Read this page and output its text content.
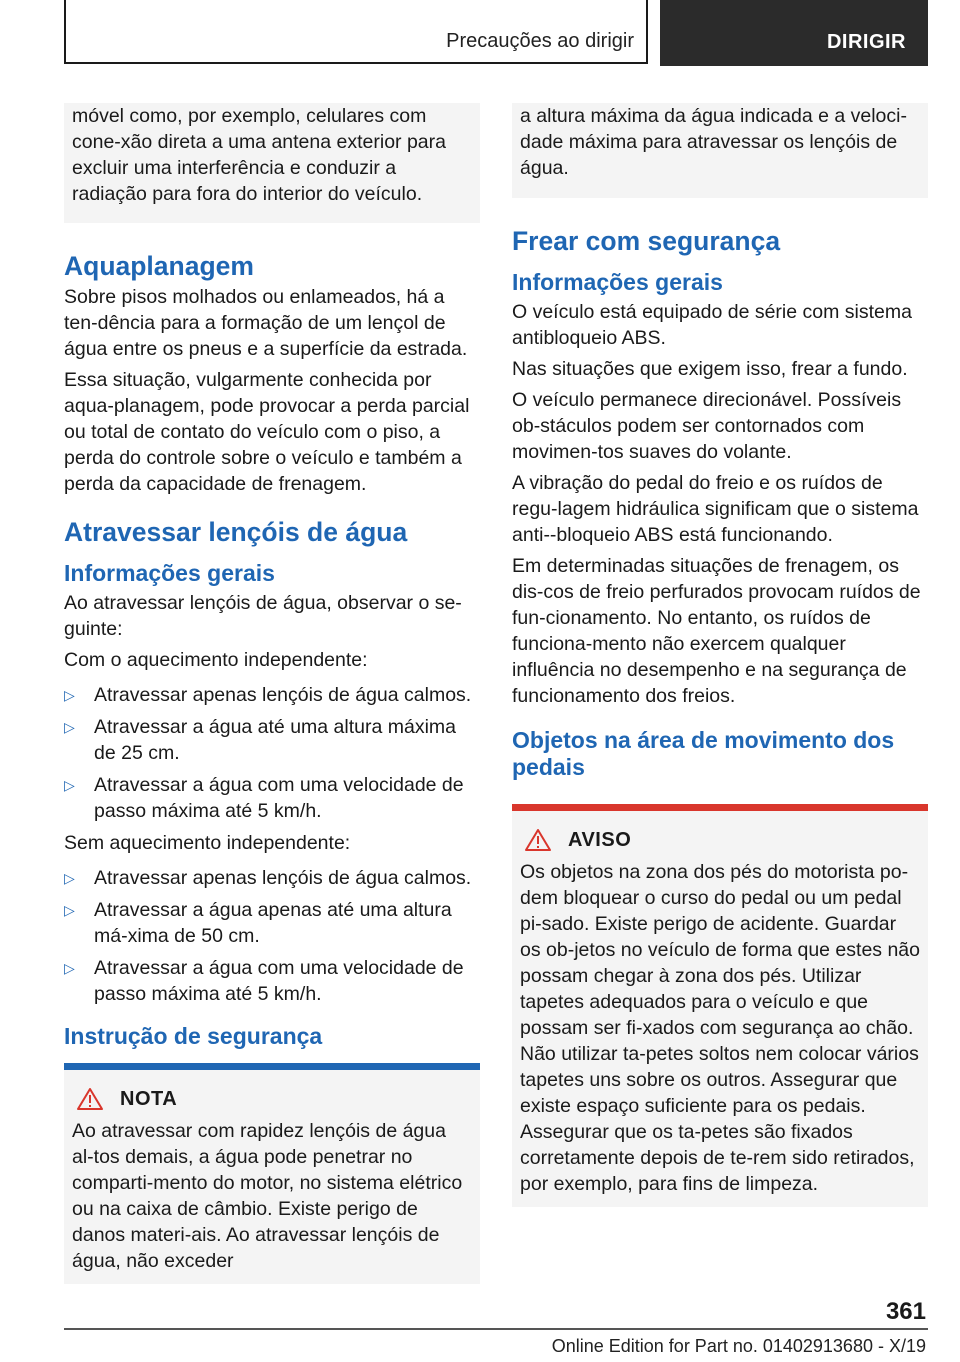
Precauções ao dirigir	DIRIGIR

móvel como, por exemplo, celulares com cone-xão direta a uma antena exterior para excluir uma interferência e conduzir a radiação para fora do interior do veículo.

Aquaplanagem

Sobre pisos molhados ou enlameados, há a ten-dência para a formação de um lençol de água entre os pneus e a superfície da estrada.

Essa situação, vulgarmente conhecida por aqua-planagem, pode provocar a perda parcial ou total de contato do veículo com o piso, a perda do controle sobre o veículo e também a perda da capacidade de frenagem.

Atravessar lençóis de água
Informações gerais

Ao atravessar lençóis de água, observar o se-guinte:

Com o aquecimento independente:

▷ Atravessar apenas lençóis de água calmos.
▷ Atravessar a água até uma altura máxima de 25 cm.
▷ Atravessar a água com uma velocidade de passo máxima até 5 km/h.

Sem aquecimento independente:

▷ Atravessar apenas lençóis de água calmos.
▷ Atravessar a água apenas até uma altura má-xima de 50 cm.
▷ Atravessar a água com uma velocidade de passo máxima até 5 km/h.
Instrução de segurança
NOTA

Ao atravessar com rapidez lençóis de água al-tos demais, a água pode penetrar no comparti-mento do motor, no sistema elétrico ou na caixa de câmbio. Existe perigo de danos materi-ais. Ao atravessar lençóis de água, não exceder

a altura máxima da água indicada e a veloci-dade máxima para atravessar os lençóis de água.

Frear com segurança
Informações gerais

O veículo está equipado de série com sistema antibloqueio ABS.

Nas situações que exigem isso, frear a fundo.

O veículo permanece direcionável. Possíveis ob-stáculos podem ser contornados com movimen-tos suaves do volante.

A vibração do pedal do freio e os ruídos de regu-lagem hidráulica significam que o sistema anti--bloqueio ABS está funcionando.

Em determinadas situações de frenagem, os dis-cos de freio perfurados provocam ruídos de fun-cionamento. No entanto, os ruídos de funciona-mento não exercem qualquer influência no desempenho e na segurança de funcionamento dos freios.

Objetos na área de movimento dos pedais
AVISO

Os objetos na zona dos pés do motorista po-dem bloquear o curso do pedal ou um pedal pi-sado. Existe perigo de acidente. Guardar os ob-jetos no veículo de forma que estes não possam chegar à zona dos pés. Utilizar tapetes adequados para o veículo e que possam ser fi-xados com segurança ao chão. Não utilizar ta-petes soltos nem colocar vários tapetes uns sobre os outros. Assegurar que existe espaço suficiente para os pedais. Assegurar que os ta-petes são fixados corretamente depois de te-rem sido retirados, por exemplo, para fins de limpeza.

361
Online Edition for Part no. 01402913680 - X/19
